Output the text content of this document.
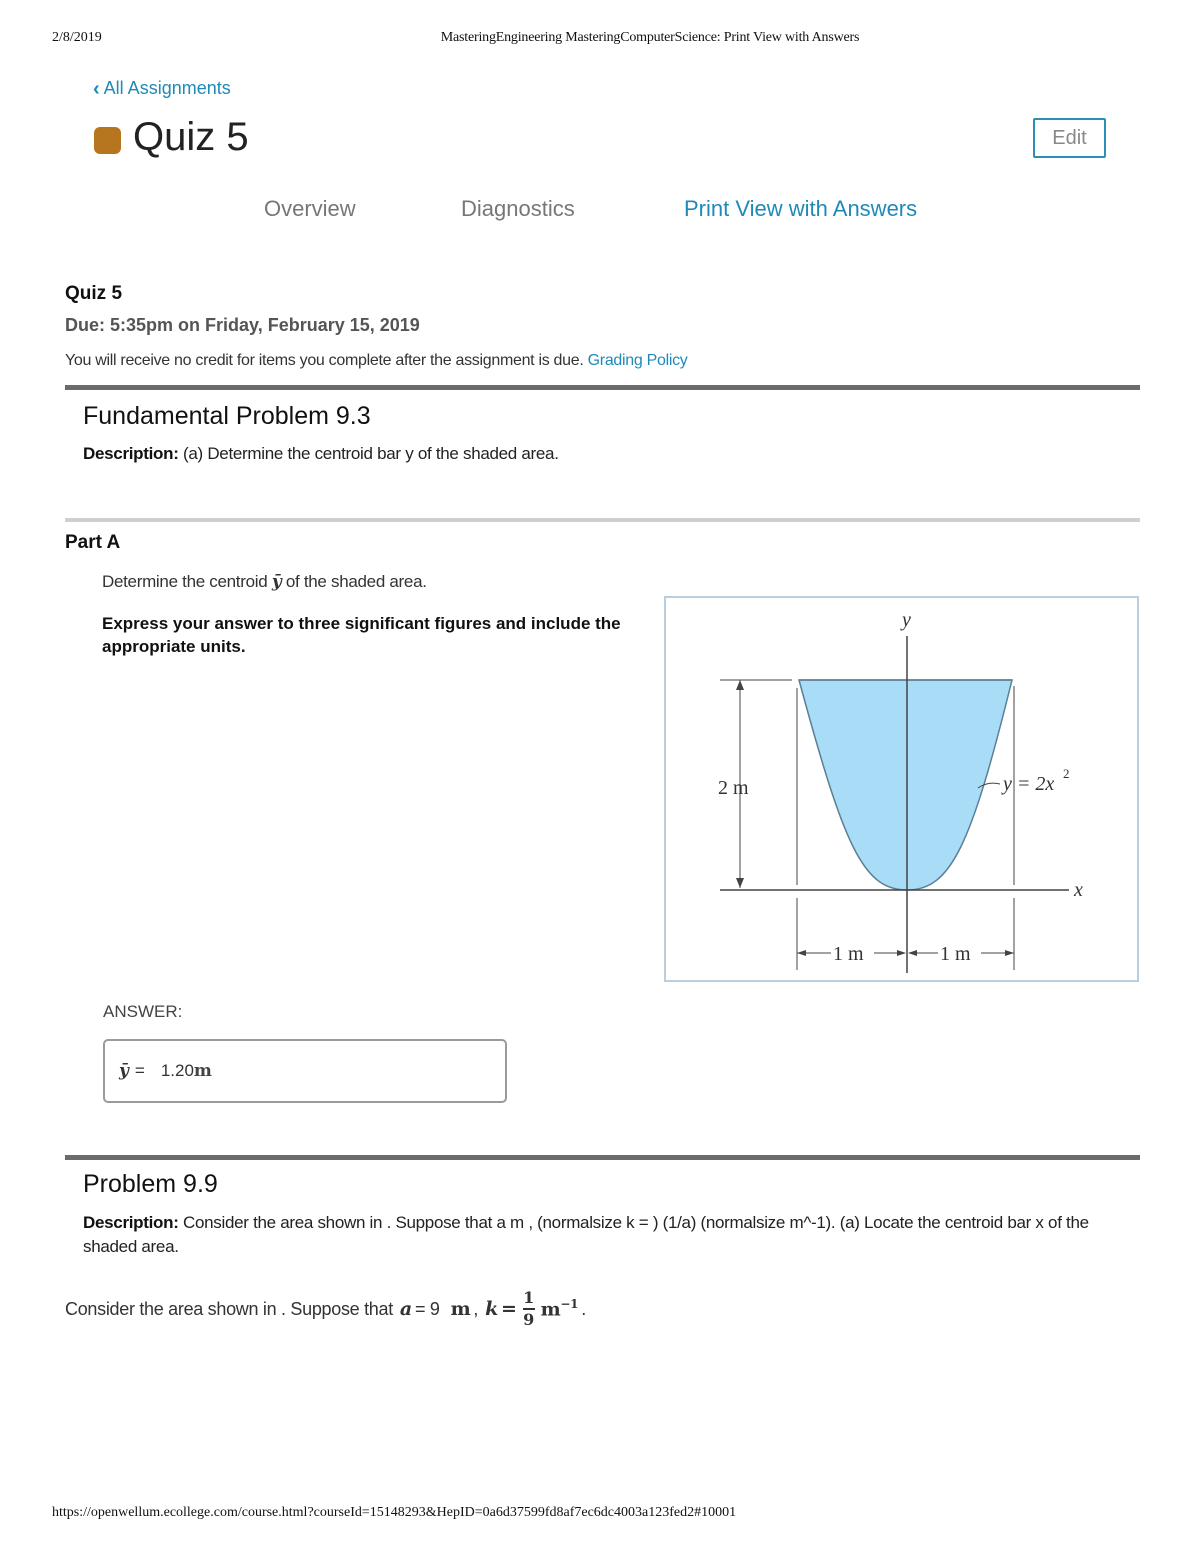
2/8/2019	MasteringEngineering MasteringComputerScience: Print View with Answers
‹ All Assignments
Quiz 5	Edit
Overview	Diagnostics	Print View with Answers
Quiz 5
Due: 5:35pm on Friday, February 15, 2019
You will receive no credit for items you complete after the assignment is due. Grading Policy
Fundamental Problem 9.3
Description: (a) Determine the centroid bar y of the shaded area.
Part A
Determine the centroid ȳ of the shaded area.
Express your answer to three significant figures and include the appropriate units.
y
x
2 m	y = 2x 2
1 m	1 m
ANSWER:
ȳ = 1.20 m
Problem 9.9
Description: Consider the area shown in . Suppose that a m , (normalsize k = ) (1/a) (normalsize m^-1). (a) Locate the centroid bar x of the shaded area.
Consider the area shown in . Suppose that a = 9 m , $k = \frac{1}{9} m^{-1}$ .
https://openwellum.ecollege.com/course.html?courseId=15148293&HepID=0a6d37599fd8af7ec6dc4003a123fed2#10001
